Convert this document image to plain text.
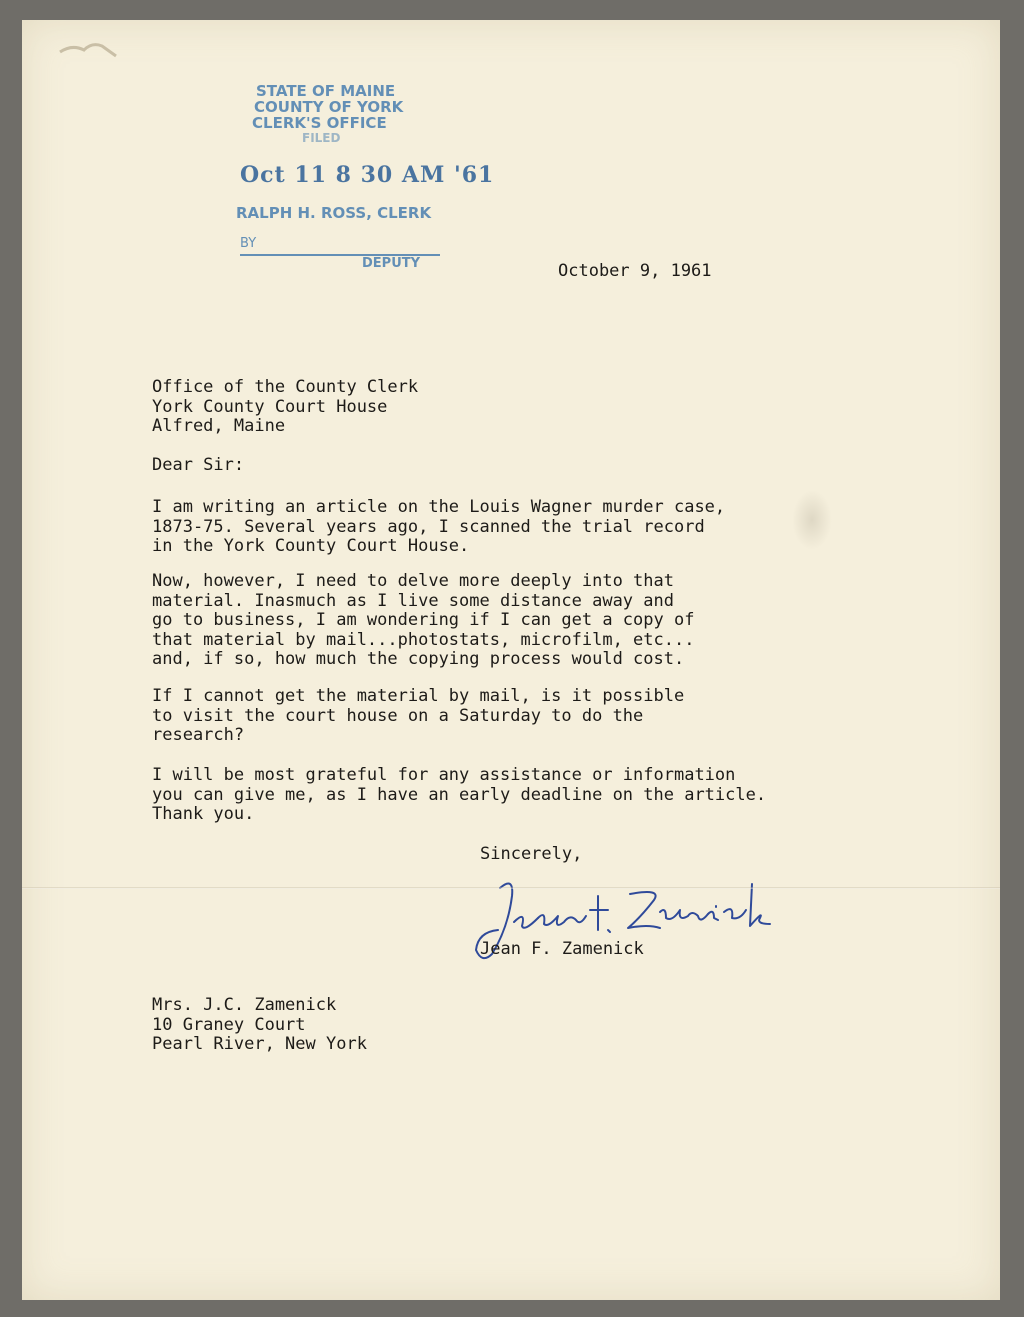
STATE OF MAINE
COUNTY OF YORK
CLERK'S OFFICE
FILED
Oct 11 8 30 AM '61
RALPH H. ROSS, CLERK
BY
DEPUTY	October 9, 1961
Office of the County Clerk
York County Court House
Alfred, Maine
Dear Sir:
I am writing an article on the Louis Wagner murder case,
1873-75. Several years ago, I scanned the trial record
in the York County Court House.
Now, however, I need to delve more deeply into that
material. Inasmuch as I live some distance away and
go to business, I am wondering if I can get a copy of
that material by mail...photostats, microfilm, etc...
and, if so, how much the copying process would cost.
If I cannot get the material by mail, is it possible
to visit the court house on a Saturday to do the
research?
I will be most grateful for any assistance or information
you can give me, as I have an early deadline on the article.
Thank you.
Sincerely,
Jean F. Zamenick
Mrs. J.C. Zamenick
10 Graney Court
Pearl River, New York
